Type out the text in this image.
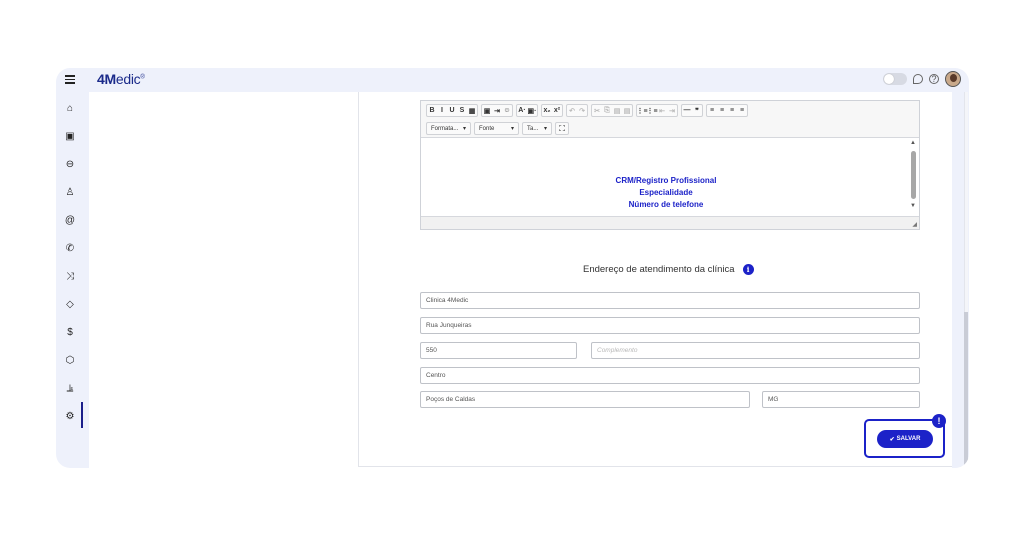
4Medic®	?
⌂
▣
⊖
♙
@
✆
⤨
◇
$
⬡
⫡
⚙
B I U S ▦ ▣ ⇥ ☺ A· ▣· x₂ x² ↶ ↷ ✂ ⎘ ▤ ▤ ⋮≡
⋮≡ ⇤ ⇥ — ❞	≡ ≡ ≡ ≡
Formata... ▾ Fonte	▾ Ta... ▾	⛶
CRM/Registro Profissional
Especialidade
Número de telefone
▲
▼
◢
Endereço de atendimento da clínica	i
Clinica 4Medic
Rua Junqueiras
550	Complemento
Centro
Poços de Caldas	MG
✔ SALVAR
!
